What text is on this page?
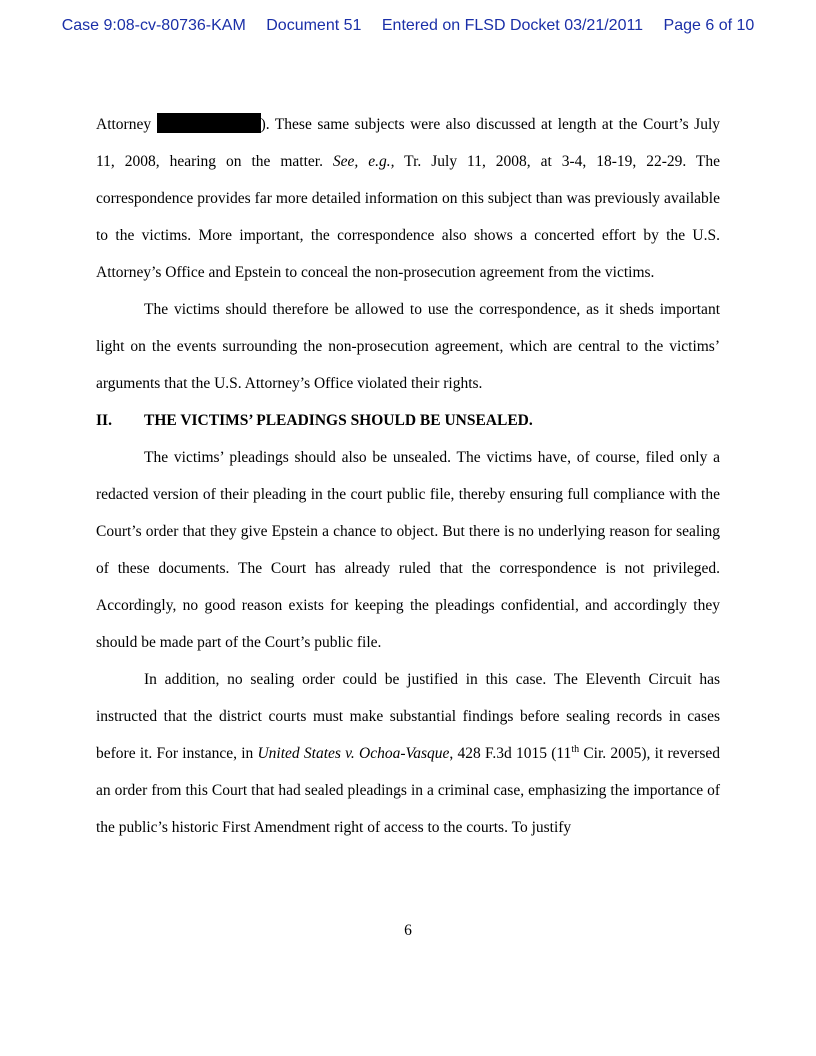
Case 9:08-cv-80736-KAM Document 51 Entered on FLSD Docket 03/21/2011 Page 6 of 10

Attorney	). These same subjects were also discussed at length at the Court’s July 11, 2008, hearing on the matter. See, e.g., Tr. July 11, 2008, at 3-4, 18-19, 22-29. The correspondence provides far more detailed information on this subject than was previously available to the victims. More important, the correspondence also shows a concerted effort by the U.S. Attorney’s Office and Epstein to conceal the non-prosecution agreement from the victims.

The victims should therefore be allowed to use the correspondence, as it sheds important light on the events surrounding the non-prosecution agreement, which are central to the victims’ arguments that the U.S. Attorney’s Office violated their rights.

II.	THE VICTIMS’ PLEADINGS SHOULD BE UNSEALED.

The victims’ pleadings should also be unsealed. The victims have, of course, filed only a redacted version of their pleading in the court public file, thereby ensuring full compliance with the Court’s order that they give Epstein a chance to object. But there is no underlying reason for sealing of these documents. The Court has already ruled that the correspondence is not privileged. Accordingly, no good reason exists for keeping the pleadings confidential, and accordingly they should be made part of the Court’s public file.

In addition, no sealing order could be justified in this case. The Eleventh Circuit has instructed that the district courts must make substantial findings before sealing records in cases before it. For instance, in United States v. Ochoa-Vasque, 428 F.3d 1015 (11th Cir. 2005), it reversed an order from this Court that had sealed pleadings in a criminal case, emphasizing the importance of the public’s historic First Amendment right of access to the courts. To justify

6
